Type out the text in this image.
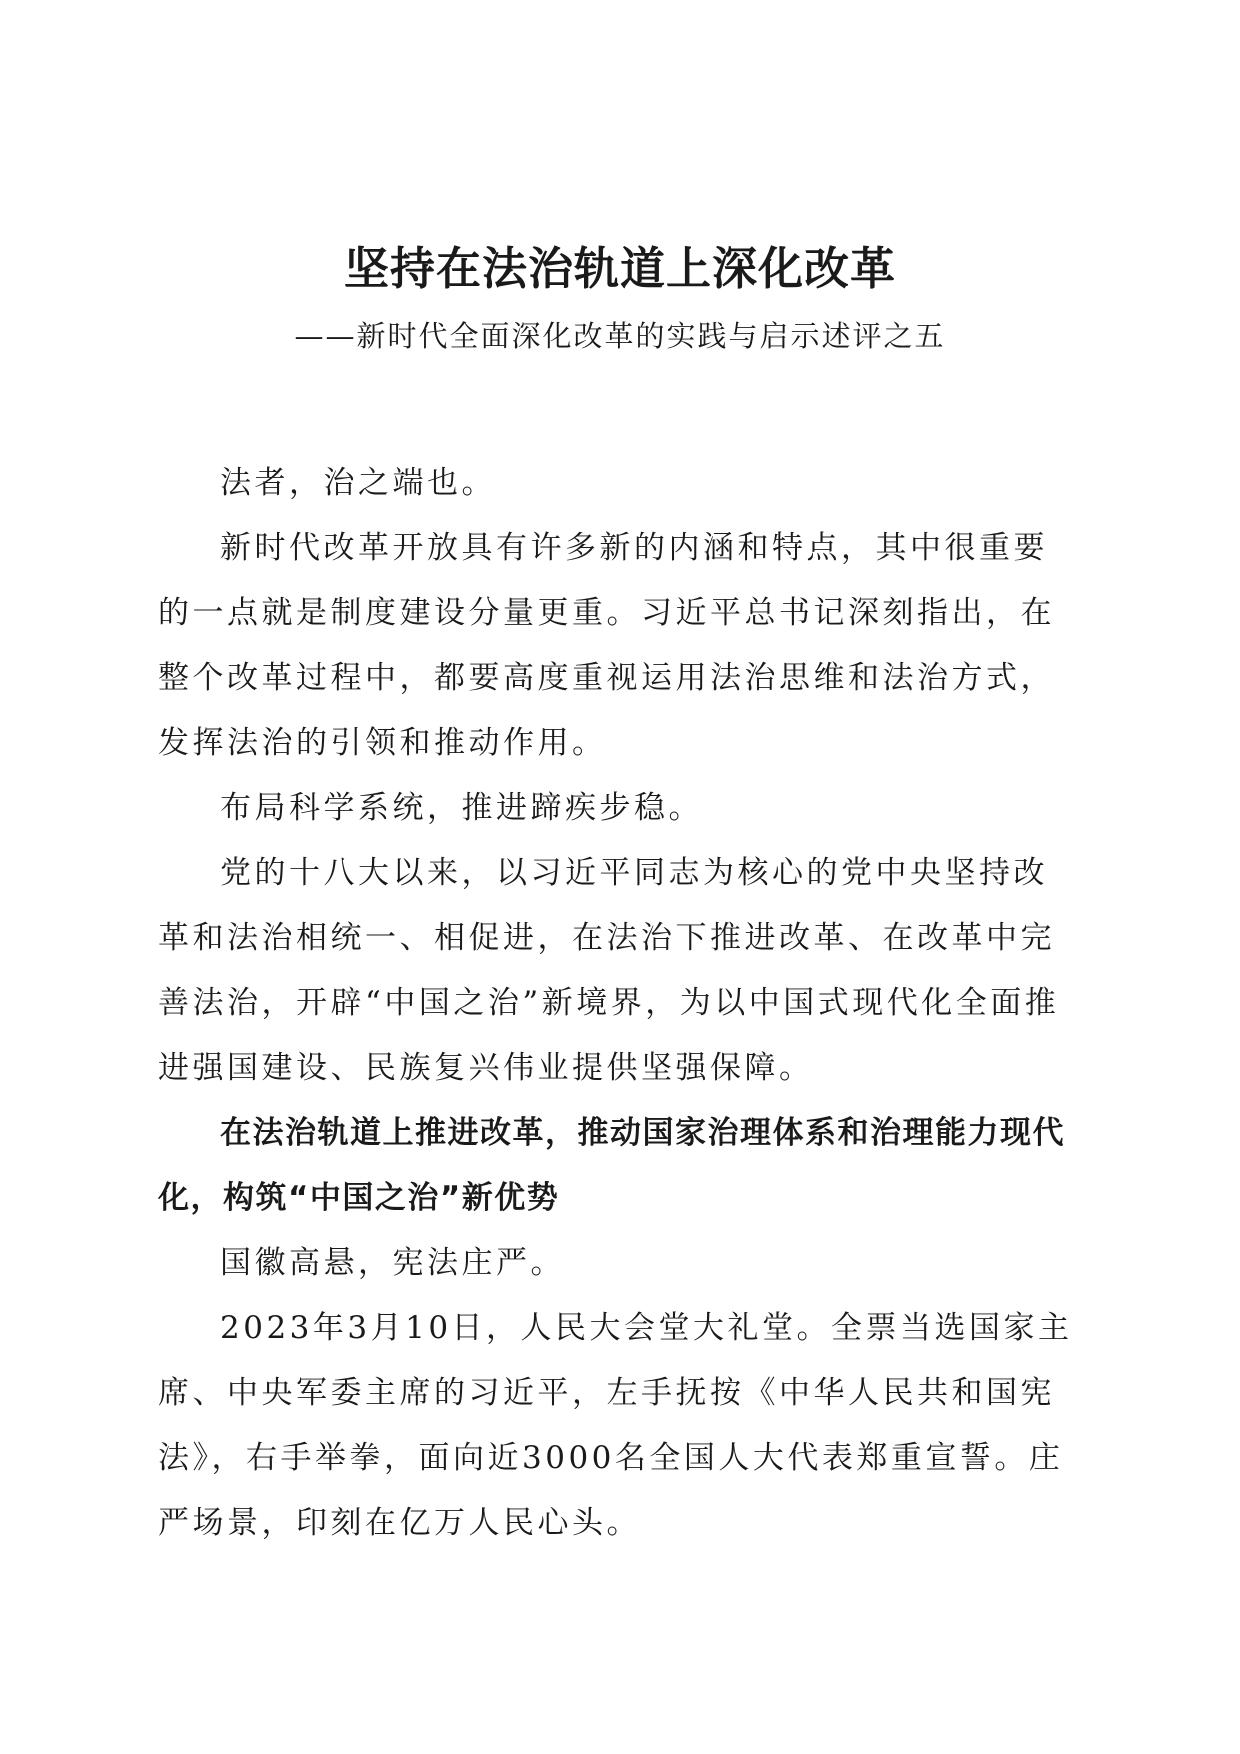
坚持在法治轨道上深化改革
——新时代全面深化改革的实践与启示述评之五

法者，治之端也。

新时代改革开放具有许多新的内涵和特点，其中很重要的一点就是制度建设分量更重。习近平总书记深刻指出，在整个改革过程中，都要高度重视运用法治思维和法治方式，发挥法治的引领和推动作用。

布局科学系统，推进蹄疾步稳。

党的十八大以来，以习近平同志为核心的党中央坚持改革和法治相统一、相促进，在法治下推进改革、在改革中完善法治，开辟“中国之治”新境界，为以中国式现代化全面推进强国建设、民族复兴伟业提供坚强保障。

在法治轨道上推进改革，推动国家治理体系和治理能力现代化，构筑“中国之治”新优势

国徽高悬，宪法庄严。

2023年3月10日，人民大会堂大礼堂。全票当选国家主席、中央军委主席的习近平，左手抚按《中华人民共和国宪法》，右手举拳，面向近3000名全国人大代表郑重宣誓。庄严场景，印刻在亿万人民心头。
